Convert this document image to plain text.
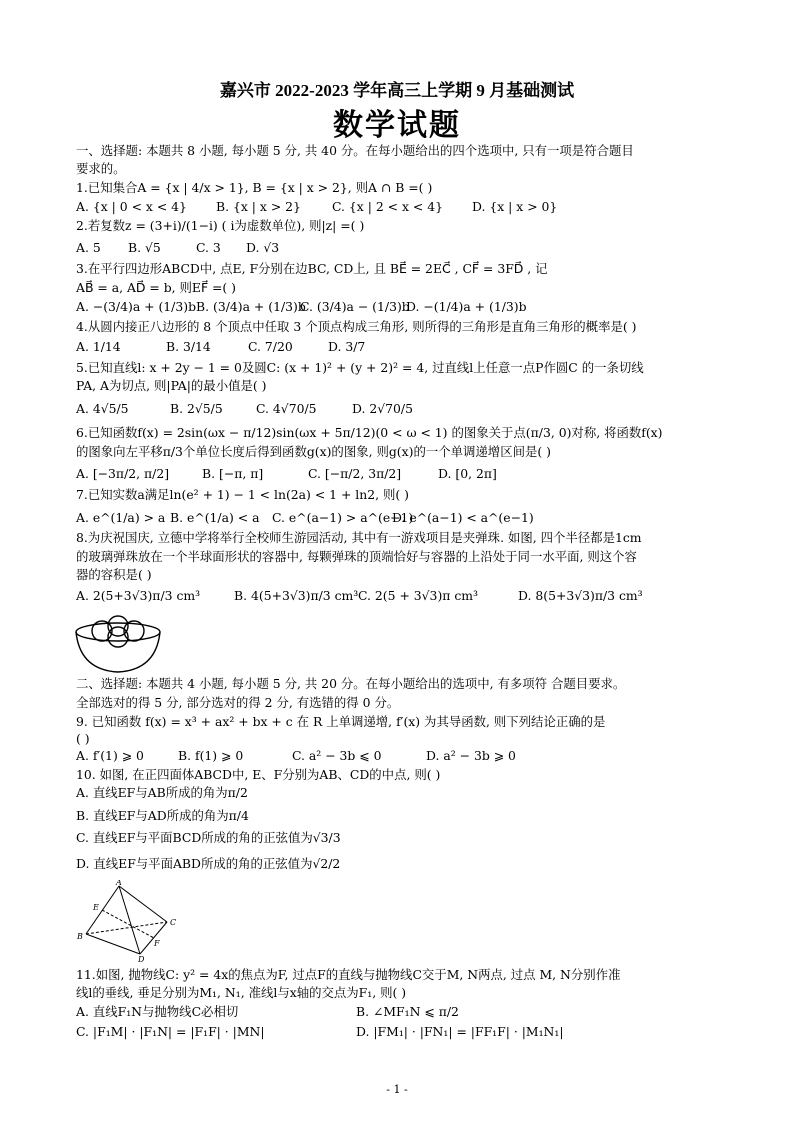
嘉兴市 2022-2023 学年高三上学期 9 月基础测试
数学试题
一、选择题: 本题共 8 小题, 每小题 5 分, 共 40 分。在每小题给出的四个选项中, 只有一项是符合题目
要求的。
1.已知集合A = {x | 4/x > 1}, B = {x | x > 2}, 则A ∩ B =( )
A. {x | 0 < x < 4} B. {x | x > 2}	C. {x | 2 < x < 4} D. {x | x > 0}
2.若复数z = (3+i)/(1−i) ( i为虚数单位), 则|z| =( )
A. 5 B. √5	C. 3 D. √3
3.在平行四边形ABCD中, 点E, F分别在边BC, CD上, 且 BE⃗ = 2EC⃗ , CF⃗ = 3FD⃗ , 记
AB⃗ = a, AD⃗ = b, 则EF⃗ =( )
A. −(3/4)a + (1/3)b B. (3/4)a + (1/3)b
C. (3/4)a − (1/3)b
D. −(1/4)a + (1/3)b
4.从圆内接正八边形的 8 个顶点中任取 3 个顶点构成三角形, 则所得的三角形是直角三角形的概率是( )
A. 1/14	B. 3/14	C. 7/20	D. 3/7
5.已知直线l: x + 2y − 1 = 0及圆C: (x + 1)² + (y + 2)² = 4, 过直线l上任意一点P作圆C 的一条切线
PA, A为切点, 则|PA|的最小值是( )
A. 4√5/5	B. 2√5/5	C. 4√70/5	D. 2√70/5
6.已知函数f(x) = 2sin(ωx − π/12)sin(ωx + 5π/12)(0 < ω < 1) 的图象关于点(π/3, 0)对称, 将函数f(x)
的图象向左平移π/3个单位长度后得到函数g(x)的图象, 则g(x)的一个单调递增区间是( )
A. [−3π/2, π/2]	B. [−π, π]	C. [−π/2, 3π/2]	D. [0, 2π]
7.已知实数a满足ln(e² + 1) − 1 < ln(2a) < 1 + ln2, 则( )
A. e^(1/a) > a B. e^(1/a) < a C. e^(a−1) > a^(e−1)
D. e^(a−1) < a^(e−1)
8.为庆祝国庆, 立德中学将举行全校师生游园活动, 其中有一游戏项目是夹弹珠. 如图, 四个半径都是1cm
的玻璃弹珠放在一个半球面形状的容器中, 每颗弹珠的顶端恰好与容器的上沿处于同一水平面, 则这个容
器的容积是( )
A. 2(5+3√3)π/3 cm³	B. 4(5+3√3)π/3 cm³ C. 2(5 + 3√3)π cm³	D. 8(5+3√3)π/3 cm³
二、选择题: 本题共 4 小题, 每小题 5 分, 共 20 分。在每小题给出的选项中, 有多项符 合题目要求。
全部选对的得 5 分, 部分选对的得 2 分, 有选错的得 0 分。
9. 已知函数 f(x) = x³ + ax² + bx + c 在 R 上单调递增, f′(x) 为其导函数, 则下列结论正确的是
( )
A. f′(1) ⩾ 0	B. f(1) ⩾ 0	C. a² − 3b ⩽ 0	D. a² − 3b ⩾ 0
10. 如图, 在正四面体ABCD中, E、F分别为AB、CD的中点, 则( )
A. 直线EF与AB所成的角为π/2
B. 直线EF与AD所成的角为π/4
C. 直线EF与平面BCD所成的角的正弦值为√3/3
D. 直线EF与平面ABD所成的角的正弦值为√2/2
A
B
C
D
E
F
11.如图, 抛物线C: y² = 4x的焦点为F, 过点F的直线与抛物线C交于M, N两点, 过点 M, N分别作准
线l的垂线, 垂足分别为M₁, N₁, 准线l与x轴的交点为F₁, 则( )
A. 直线F₁N与抛物线C必相切	B. ∠MF₁N ⩽ π/2
C. |F₁M| · |F₁N| = |F₁F| · |MN|	D. |FM₁| · |FN₁| = |FF₁F| · |M₁N₁|
- 1 -
